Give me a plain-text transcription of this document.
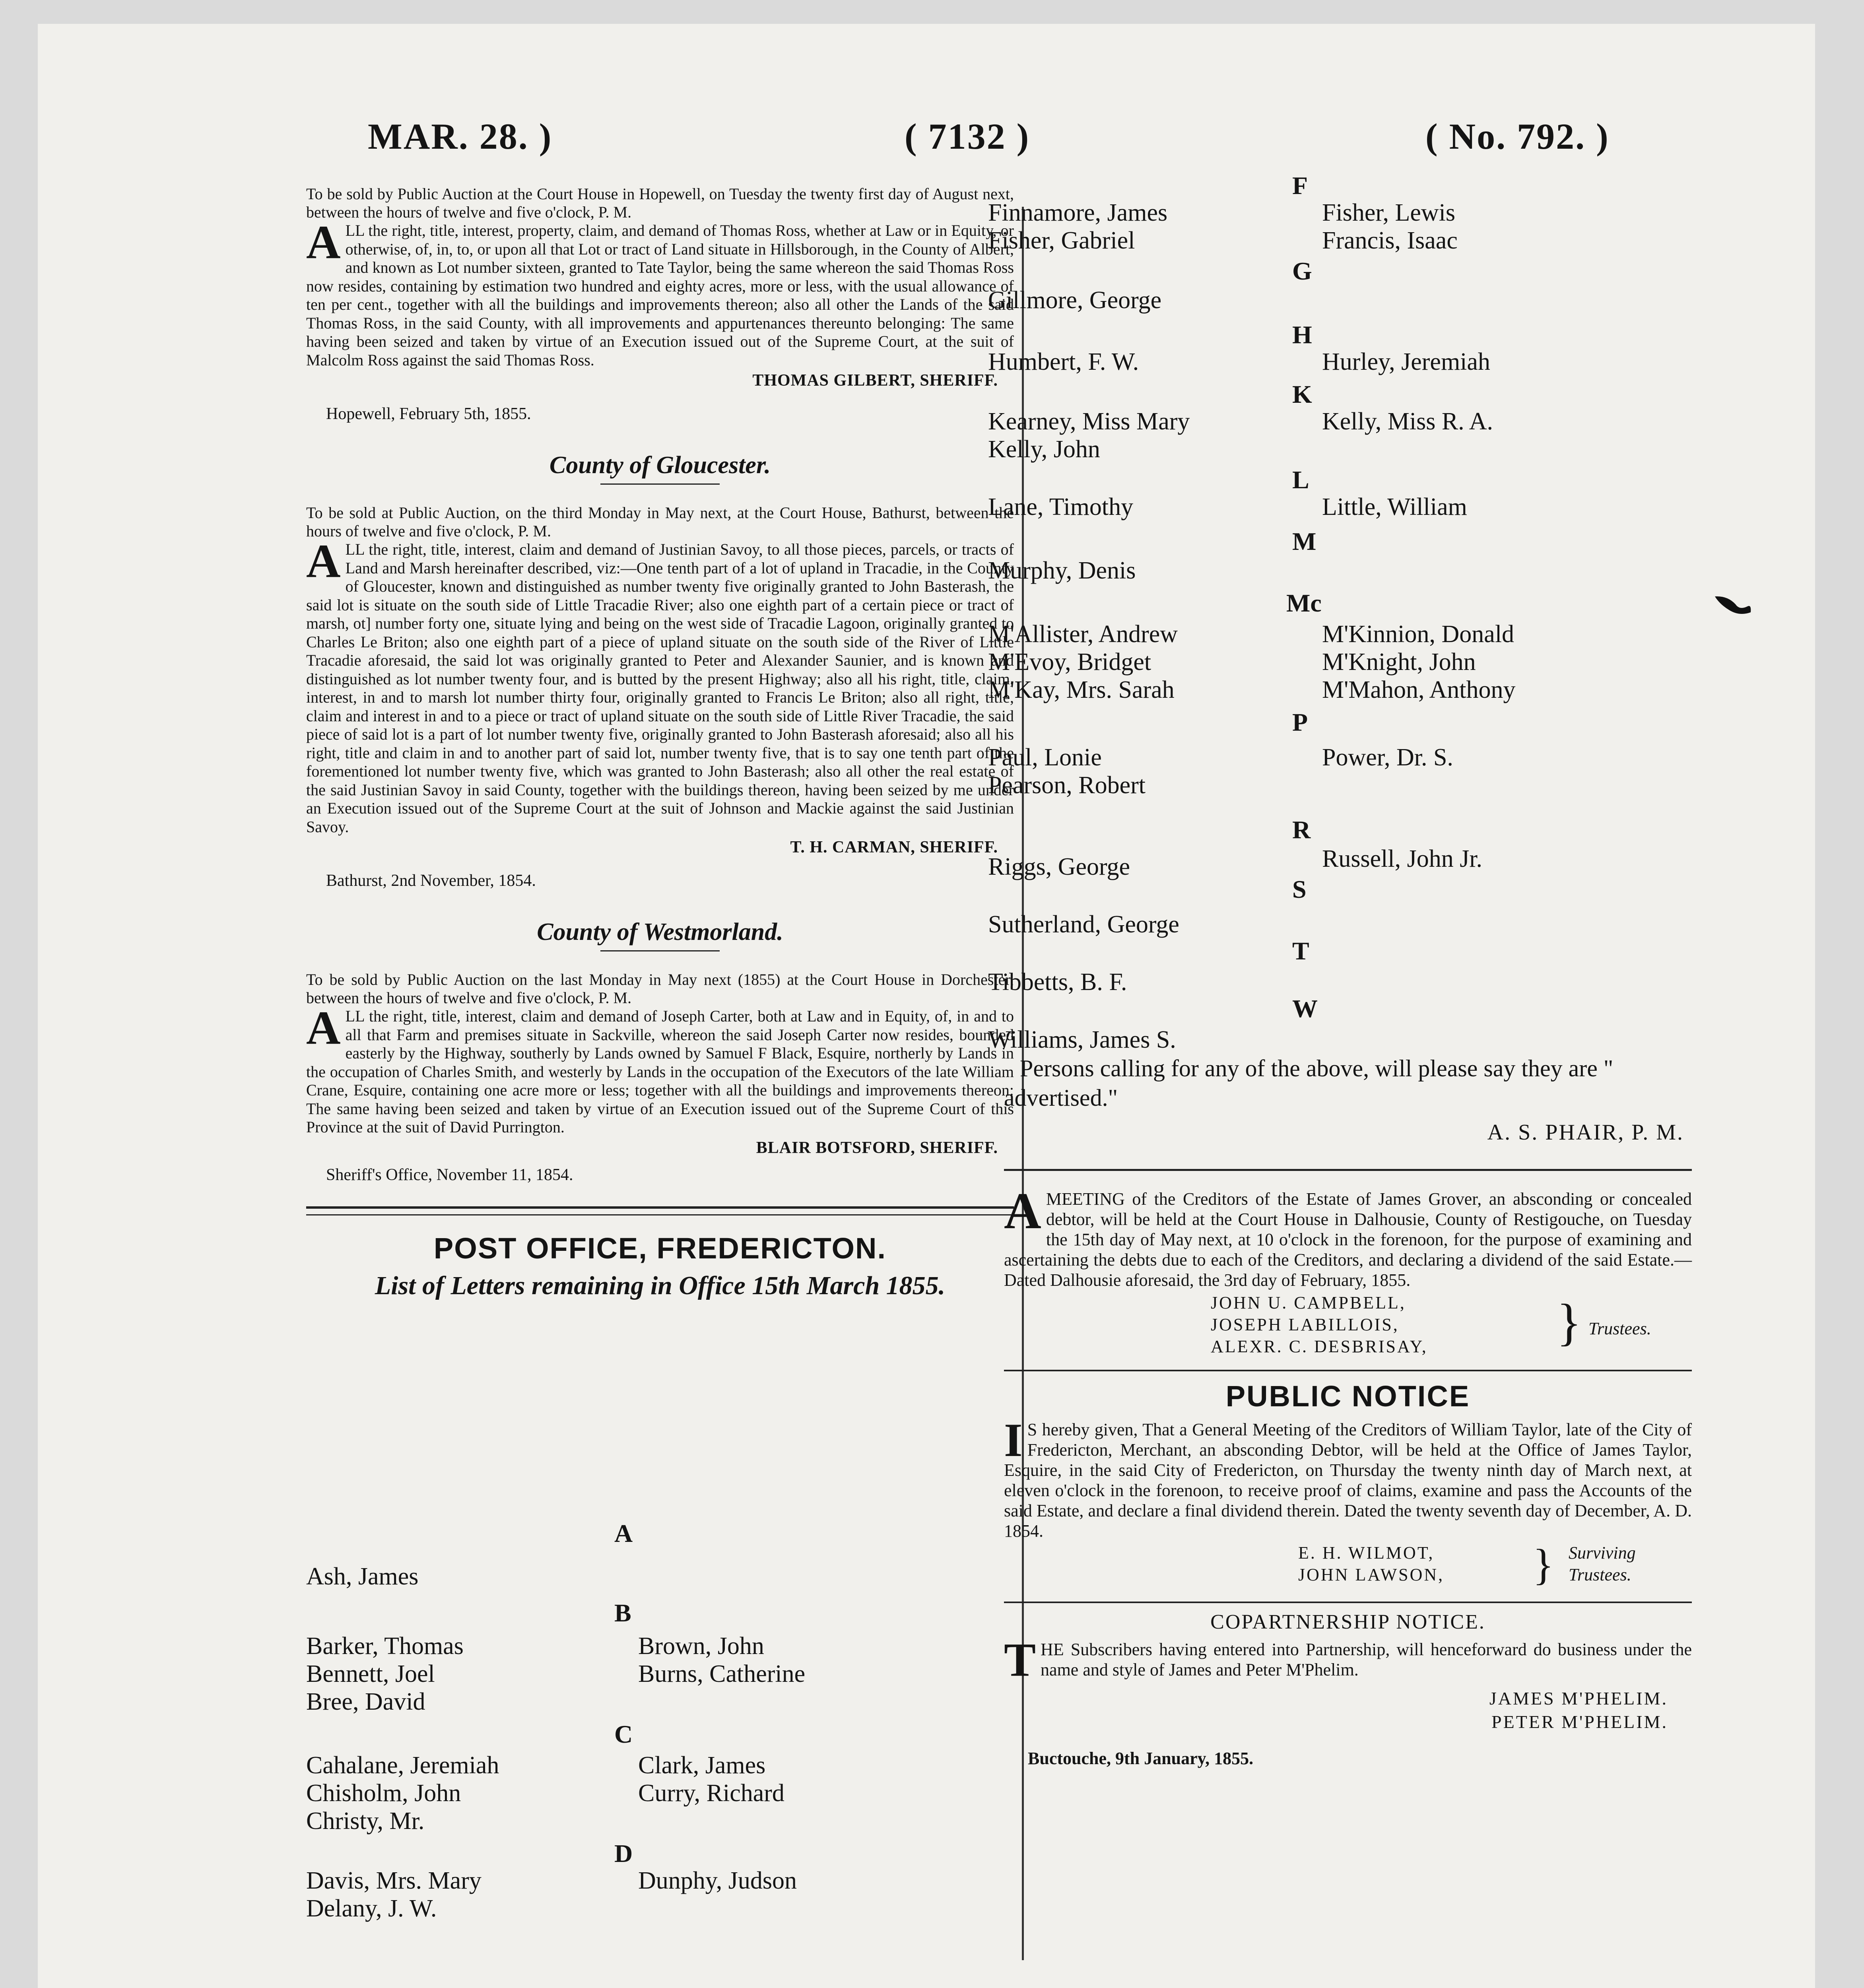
MAR. 28. )	( 7132 )	( No. 792. )

To be sold by Public Auction at the Court House in Hopewell, on Tuesday the twenty first day of August next, between the hours of twelve and five o'clock, P. M.

A LL the right, title, interest, property, claim, and demand of Thomas Ross, whether at Law or in Equity, or otherwise, of, in, to, or upon all that Lot or tract of Land situate in Hillsborough, in the County of Albert, and known as Lot number sixteen, granted to Tate Taylor, being the same whereon the said Thomas Ross now resides, containing by estimation two hundred and eighty acres, more or less, with the usual allowance of ten per cent., together with all the buildings and improvements thereon; also all other the Lands of the said Thomas Ross, in the said County, with all improvements and appurtenances thereunto belonging: The same having been seized and taken by virtue of an Execution issued out of the Supreme Court, at the suit of Malcolm Ross against the said Thomas Ross.

THOMAS GILBERT, SHERIFF.
Hopewell, February 5th, 1855.
County of Gloucester.

To be sold at Public Auction, on the third Monday in May next, at the Court House, Bathurst, between the hours of twelve and five o'clock, P. M.

A LL the right, title, interest, claim and demand of Justinian Savoy, to all those pieces, parcels, or tracts of Land and Marsh hereinafter described, viz:—One tenth part of a lot of upland in Tracadie, in the County of Gloucester, known and distinguished as number twenty five originally granted to John Basterash, the said lot is situate on the south side of Little Tracadie River; also one eighth part of a certain piece or tract of marsh, ot] number forty one, situate lying and being on the west side of Tracadie Lagoon, originally granted to Charles Le Briton; also one eighth part of a piece of upland situate on the south side of the River of Little Tracadie aforesaid, the said lot was originally granted to Peter and Alexander Saunier, and is known and distinguished as lot number twenty four, and is butted by the present Highway; also all his right, title, claim, interest, in and to marsh lot number thirty four, originally granted to Francis Le Briton; also all right, title, claim and interest in and to a piece or tract of upland situate on the south side of Little River Tracadie, the said piece of said lot is a part of lot number twenty five, originally granted to John Basterash aforesaid; also all his right, title and claim in and to another part of said lot, number twenty five, that is to say one tenth part of the forementioned lot number twenty five, which was granted to John Basterash; also all other the real estate of the said Justinian Savoy in said County, together with the buildings thereon, having been seized by me under an Execution issued out of the Supreme Court at the suit of Johnson and Mackie against the said Justinian Savoy.

T. H. CARMAN, SHERIFF.
Bathurst, 2nd November, 1854.
County of Westmorland.

To be sold by Public Auction on the last Monday in May next (1855) at the Court House in Dorchester, between the hours of twelve and five o'clock, P. M.

A LL the right, title, interest, claim and demand of Joseph Carter, both at Law and in Equity, of, in and to all that Farm and premises situate in Sackville, whereon the said Joseph Carter now resides, bounded easterly by the Highway, southerly by Lands owned by Samuel F Black, Esquire, northerly by Lands in the occupation of Charles Smith, and westerly by Lands in the occupation of the Executors of the late William Crane, Esquire, containing one acre more or less; together with all the buildings and improvements thereon: The same having been seized and taken by virtue of an Execution issued out of the Supreme Court of this Province at the suit of David Purrington.

BLAIR BOTSFORD, SHERIFF.
Sheriff's Office, November 11, 1854.
POST OFFICE, FREDERICTON.
List of Letters remaining in Office 15th March 1855.
A
Ash, James
B
Barker, Thomas
Bennett, Joel
Bree, David
Brown, John
Burns, Catherine
C
Cahalane, Jeremiah
Chisholm, John
Christy, Mr.
Clark, James
Curry, Richard
D
Davis, Mrs. Mary
Delany, J. W.
Dunphy, Judson
F
Finnamore, James
Fisher, Gabriel
Fisher, Lewis
Francis, Isaac
G
Gillmore, George
H
Humbert, F. W.	Hurley, Jeremiah
K
Kearney, Miss Mary
Kelly, John
Kelly, Miss R. A.
L
Lane, Timothy	Little, William
M
Murphy, Denis
Mc
M'Allister, Andrew
M'Evoy, Bridget
M'Kay, Mrs. Sarah
M'Kinnion, Donald
M'Knight, John
M'Mahon, Anthony
P
Paul, Lonie
Pearson, Robert
Power, Dr. S.
R
Riggs, George	Russell, John Jr.
S
Sutherland, George
T
Tibbetts, B. F.
W
Williams, James S.

Persons calling for any of the above, will please say they are " advertised."

A. S. PHAIR, P. M.

A MEETING of the Creditors of the Estate of James Grover, an absconding or concealed debtor, will be held at the Court House in Dalhousie, County of Restigouche, on Tuesday the 15th day of May next, at 10 o'clock in the forenoon, for the purpose of examining and ascertaining the debts due to each of the Creditors, and declaring a dividend of the said Estate.—Dated Dalhousie aforesaid, the 3rd day of February, 1855.

JOHN U. CAMPBELL,
JOSEPH LABILLOIS,
ALEXR. C. DESBRISAY, } Trustees.
PUBLIC NOTICE

I S hereby given, That a General Meeting of the Creditors of William Taylor, late of the City of Fredericton, Merchant, an absconding Debtor, will be held at the Office of James Taylor, Esquire, in the said City of Fredericton, on Thursday the twenty ninth day of March next, at eleven o'clock in the forenoon, to receive proof of claims, examine and pass the Accounts of the said Estate, and declare a final dividend therein. Dated the twenty seventh day of December, A. D. 1854.

E. H. WILMOT,
JOHN LAWSON, } Surviving
Trustees.
COPARTNERSHIP NOTICE.

T HE Subscribers having entered into Partnership, will henceforward do business under the name and style of James and Peter M'Phelim.

JAMES M'PHELIM.
PETER M'PHELIM.
Buctouche, 9th January, 1855.
